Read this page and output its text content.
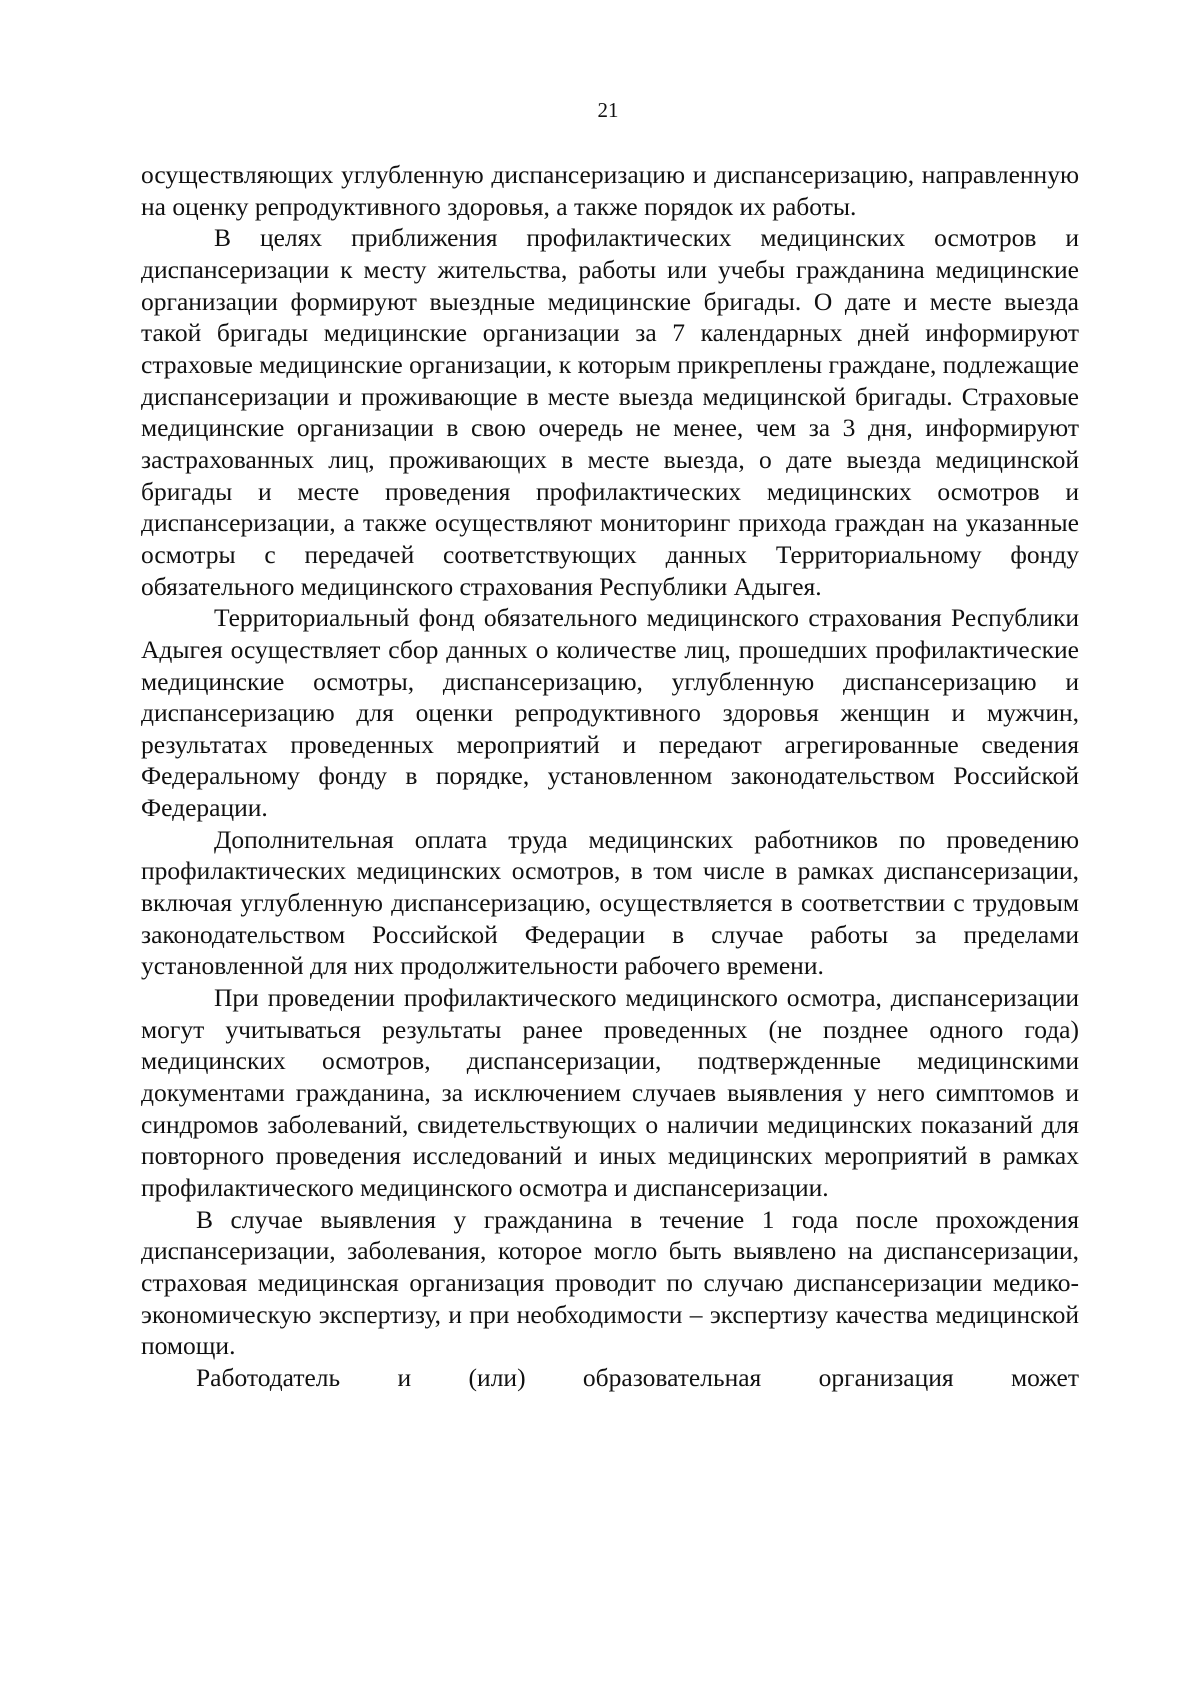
21

осуществляющих углубленную диспансеризацию и диспансеризацию, направленную на оценку репродуктивного здоровья, а также порядок их работы.

В целях приближения профилактических медицинских осмотров и диспансеризации к месту жительства, работы или учебы гражданина медицинские организации формируют выездные медицинские бригады. О дате и месте выезда такой бригады медицинские организации за 7 календарных дней информируют страховые медицинские организации, к которым прикреплены граждане, подлежащие диспансеризации и проживающие в месте выезда медицинской бригады. Страховые медицинские организации в свою очередь не менее, чем за 3 дня, информируют застрахованных лиц, проживающих в месте выезда, о дате выезда медицинской бригады и месте проведения профилактических медицинских осмотров и диспансеризации, а также осуществляют мониторинг прихода граждан на указанные осмотры с передачей соответствующих данных Территориальному фонду обязательного медицинского страхования Республики Адыгея.

Территориальный фонд обязательного медицинского страхования Республики Адыгея осуществляет сбор данных о количестве лиц, прошедших профилактические медицинские осмотры, диспансеризацию, углубленную диспансеризацию и диспансеризацию для оценки репродуктивного здоровья женщин и мужчин, результатах проведенных мероприятий и передают агрегированные сведения Федеральному фонду в порядке, установленном законодательством Российской Федерации.

Дополнительная оплата труда медицинских работников по проведению профилактических медицинских осмотров, в том числе в рамках диспансеризации, включая углубленную диспансеризацию, осуществляется в соответствии с трудовым законодательством Российской Федерации в случае работы за пределами установленной для них продолжительности рабочего времени.

При проведении профилактического медицинского осмотра, диспансеризации могут учитываться результаты ранее проведенных (не позднее одного года) медицинских осмотров, диспансеризации, подтвержденные медицинскими документами гражданина, за исключением случаев выявления у него симптомов и синдромов заболеваний, свидетельствующих о наличии медицинских показаний для повторного проведения исследований и иных медицинских мероприятий в рамках профилактического медицинского осмотра и диспансеризации.

В случае выявления у гражданина в течение 1 года после прохождения диспансеризации, заболевания, которое могло быть выявлено на диспансеризации, страховая медицинская организация проводит по случаю диспансеризации медико-экономическую экспертизу, и при необходимости – экспертизу качества медицинской помощи.

Работодатель и (или) образовательная организация может
